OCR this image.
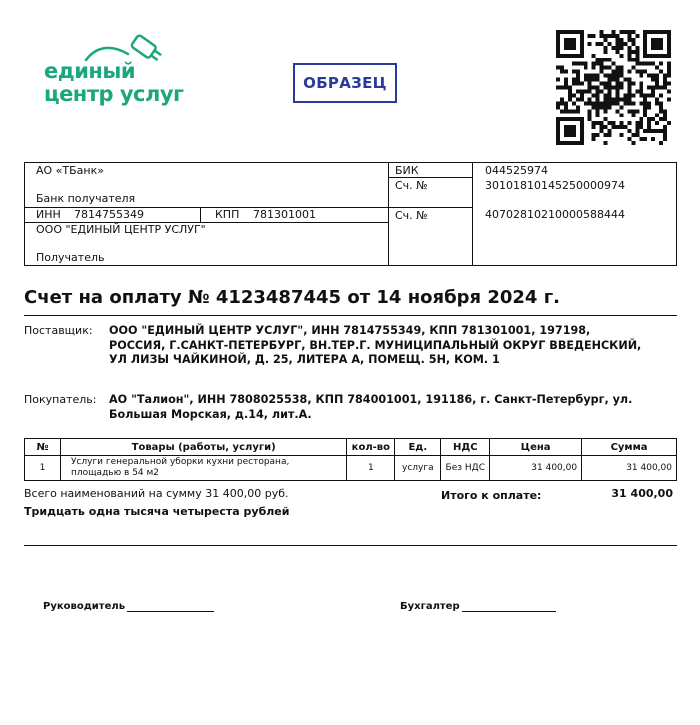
единый
центр услуг	ОБРАЗЕЦ
АО «ТБанк»
Банк получателя
БИК	044525974
Сч. №	30101810145250000974
ИНН 7814755349	КПП 781301001	Сч. №	40702810210000588444
ООО "ЕДИНЫЙ ЦЕНТР УСЛУГ"
Получатель
Счет на оплату № 4123487445 от 14 ноября 2024 г.
Поставщик: ООО "ЕДИНЫЙ ЦЕНТР УСЛУГ", ИНН 7814755349, КПП 781301001, 197198,
РОССИЯ, Г.САНКТ-ПЕТЕРБУРГ, ВН.ТЕР.Г. МУНИЦИПАЛЬНЫЙ ОКРУГ ВВЕДЕНСКИЙ,
УЛ ЛИЗЫ ЧАЙКИНОЙ, Д. 25, ЛИТЕРА А, ПОМЕЩ. 5Н, КОМ. 1
Покупатель: АО "Талион", ИНН 7808025538, КПП 784001001, 191186, г. Санкт-Петербург, ул.
Большая Морская, д.14, лит.А.
№	Товары (работы, услуги)	кол-во	Ед.	НДС	Цена	Сумма
1	Услуги генеральной уборки кухни ресторана,
площадью в 54 м2	1	услуга	Без НДС	31 400,00	31 400,00
Всего наименований на сумму 31 400,00 руб.
Тридцать одна тысяча четыреста рублей
Итого к оплате:	31 400,00
Руководитель	Бухгалтер
